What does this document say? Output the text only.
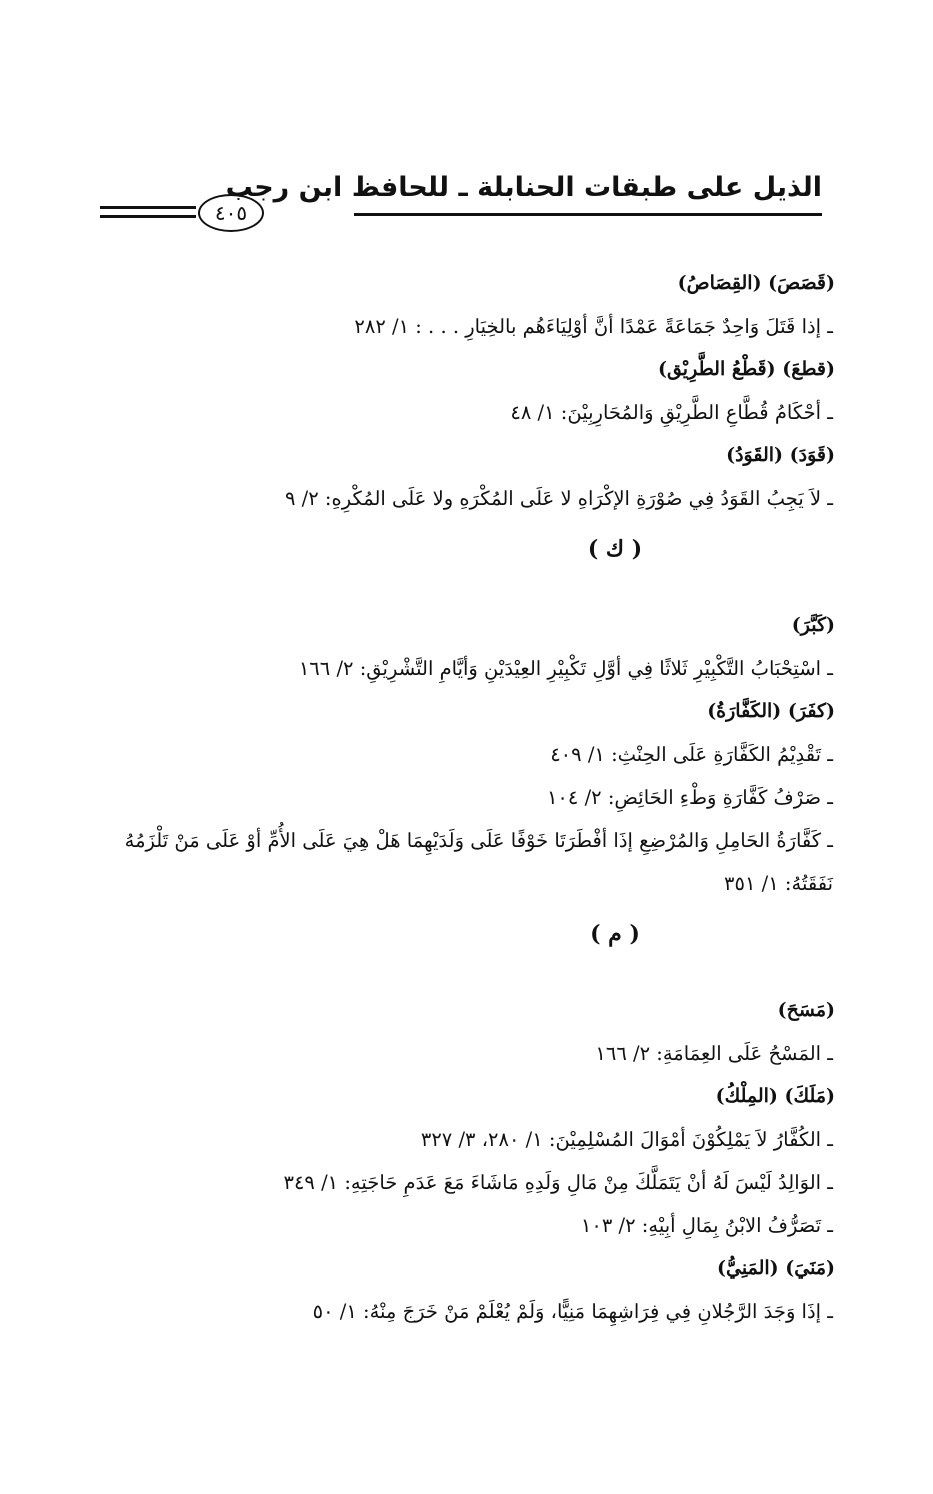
الذيل على طبقات الحنابلة ـ للحافظ ابن رجب
٤٠٥
(قَصَصَ) (القِصَاصُ)
ـ إذا قَتَلَ وَاحِدٌ جَمَاعَةً عَمْدًا أنَّ أوْلِيَاءَهُم بالخِيَارِ . . . : ١/ ٢٨٢
(قطعَ) (قَطْعُ الطَّرِيْق)
ـ أحْكَامُ قُطَّاعِ الطَّرِيْقِ وَالمُحَارِبِيْنَ: ١/ ٤٨
(قَوَدَ) (القَوَدُ)
ـ لاَ يَجِبُ القَوَدُ فِي صُوْرَةِ الإكْرَاهِ لا عَلَى المُكْرَهِ ولا عَلَى المُكْرِهِ: ٢/ ٩
( ك )
(كَبَّرَ)
ـ اسْتِحْبَابُ التَّكْبِيْرِ ثَلاثًا فِي أوَّلِ تَكْبِيْرِ العِيْدَيْنِ وَأيَّامِ التَّشْرِيْقِ: ٢/ ١٦٦
(كفَرَ) (الكَفَّارَةُ)
ـ تَقْدِيْمُ الكَفَّارَةِ عَلَى الحِنْثِ: ١/ ٤٠٩
ـ صَرْفُ كَفَّارَةِ وَطْءِ الحَائِضِ: ٢/ ١٠٤
ـ كَفَّارَةُ الحَامِلِ وَالمُرْضِعِ إذَا أفْطَرَتَا خَوْفًا عَلَى وَلَدَيْهِمَا هَلْ هِيَ عَلَى الأُمِّ أوْ عَلَى مَنْ تَلْزَمُهُ نَفَقَتُهُ: ١/ ٣٥١
( م )
(مَسَحَ)
ـ المَسْحُ عَلَى العِمَامَةِ: ٢/ ١٦٦
(مَلَكَ) (المِلْكُ)
ـ الكُفَّارُ لاَ يَمْلِكُوْنَ أمْوَالَ المُسْلِمِيْنَ: ١/ ٢٨٠، ٣/ ٣٢٧
ـ الوَالِدُ لَيْسَ لَهُ أنْ يَتَمَلَّكَ مِنْ مَالِ وَلَدِهِ مَاشَاءَ مَعَ عَدَمِ حَاجَتِهِ: ١/ ٣٤٩
ـ تَصَرُّفُ الابْنُ بِمَالِ أبِيْهِ: ٢/ ١٠٣
(مَنَيَ) (المَنِيُّ)
ـ إذَا وَجَدَ الرَّجُلانِ فِي فِرَاشِهِمَا مَنِيًّا، وَلَمْ يُعْلَمْ مَنْ خَرَجَ مِنْهُ: ١/ ٥٠
